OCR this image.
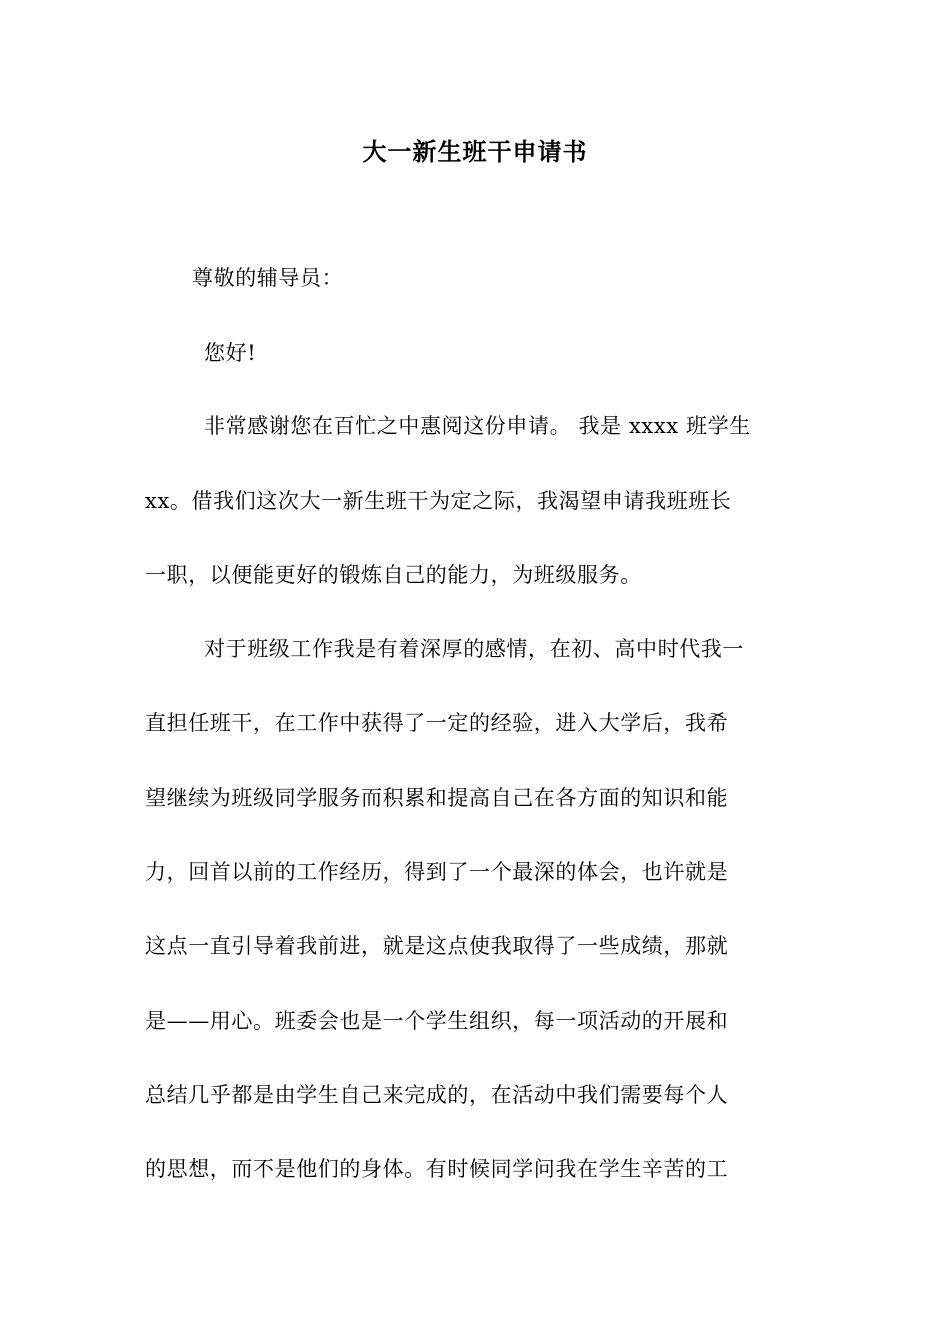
大一新生班干申请书
尊敬的辅导员：
您好!
非常感谢您在百忙之中惠阅这份申请。 我是 xxxx 班学生
xx。借我们这次大一新生班干为定之际，我渴望申请我班班长
一职，以便能更好的锻炼自己的能力，为班级服务。
对于班级工作我是有着深厚的感情，在初、高中时代我一
直担任班干，在工作中获得了一定的经验，进入大学后，我希
望继续为班级同学服务而积累和提高自己在各方面的知识和能
力，回首以前的工作经历，得到了一个最深的体会，也许就是
这点一直引导着我前进，就是这点使我取得了一些成绩，那就
是——用心。班委会也是一个学生组织，每一项活动的开展和
总结几乎都是由学生自己来完成的，在活动中我们需要每个人
的思想，而不是他们的身体。有时候同学问我在学生辛苦的工
